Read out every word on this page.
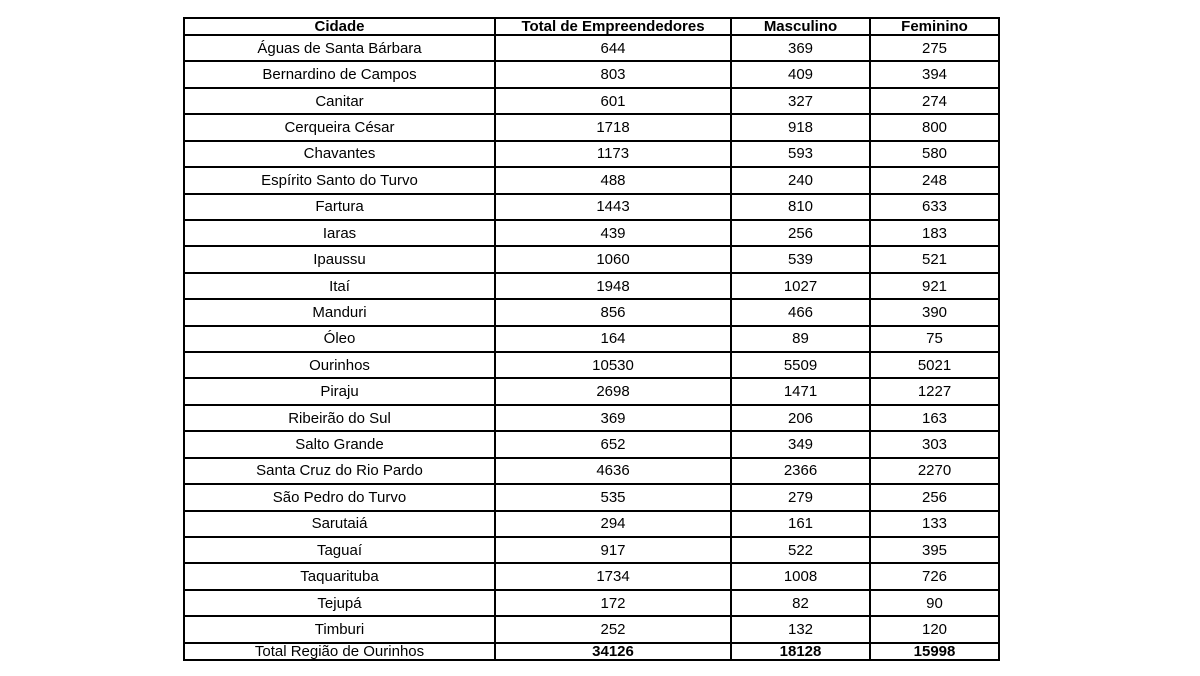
Cidade	Total de Empreendedores	Masculino	Feminino
Águas de Santa Bárbara	644	369	275
Bernardino de Campos	803	409	394
Canitar	601	327	274
Cerqueira César	1718	918	800
Chavantes	1173	593	580
Espírito Santo do Turvo	488	240	248
Fartura	1443	810	633
Iaras	439	256	183
Ipaussu	1060	539	521
Itaí	1948	1027	921
Manduri	856	466	390
Óleo	164	89	75
Ourinhos	10530	5509	5021
Piraju	2698	1471	1227
Ribeirão do Sul	369	206	163
Salto Grande	652	349	303
Santa Cruz do Rio Pardo	4636	2366	2270
São Pedro do Turvo	535	279	256
Sarutaiá	294	161	133
Taguaí	917	522	395
Taquarituba	1734	1008	726
Tejupá	172	82	90
Timburi	252	132	120
Total Região de Ourinhos	34126	18128	15998
